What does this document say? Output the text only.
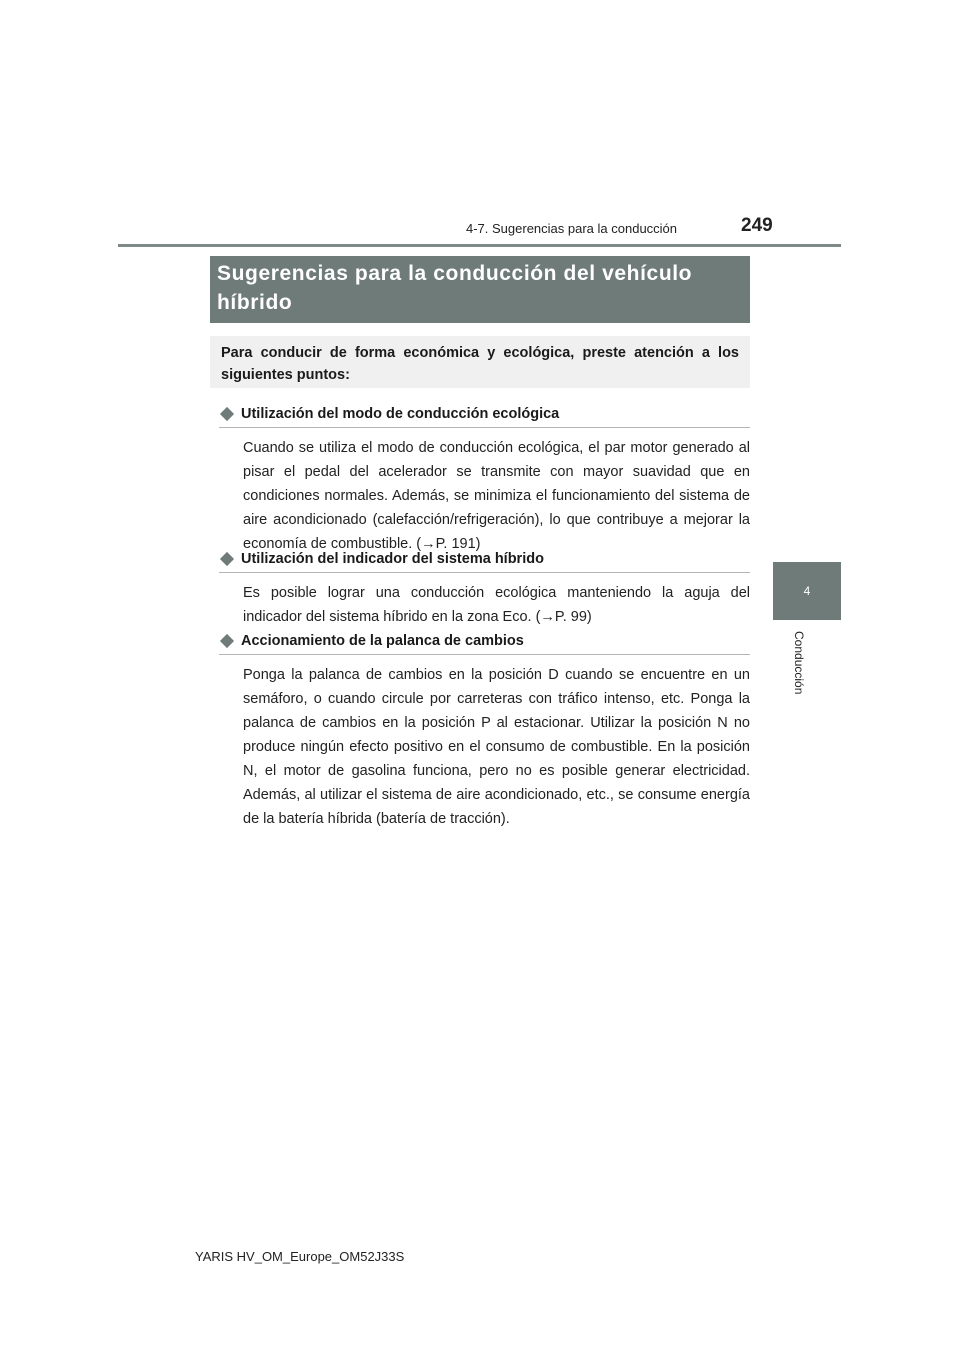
4-7. Sugerencias para la conducción	249
4
Conducción
Sugerencias para la conducción del vehículo híbrido
Para conducir de forma económica y ecológica, preste atención a los siguientes puntos:
Utilización del modo de conducción ecológica
Cuando se utiliza el modo de conducción ecológica, el par motor generado al pisar el pedal del acelerador se transmite con mayor suavidad que en condiciones normales. Además, se minimiza el funcionamiento del sistema de aire acondicionado (calefacción/refrigeración), lo que contribuye a mejorar la economía de combustible. (→P. 191)
Utilización del indicador del sistema híbrido
Es posible lograr una conducción ecológica manteniendo la aguja del indicador del sistema híbrido en la zona Eco. (→P. 99)
Accionamiento de la palanca de cambios
Ponga la palanca de cambios en la posición D cuando se encuentre en un semáforo, o cuando circule por carreteras con tráfico intenso, etc. Ponga la palanca de cambios en la posición P al estacionar. Utilizar la posición N no produce ningún efecto positivo en el consumo de combustible. En la posición N, el motor de gasolina funciona, pero no es posible generar electricidad. Además, al utilizar el sistema de aire acondicionado, etc., se consume energía de la batería híbrida (batería de tracción).
YARIS HV_OM_Europe_OM52J33S
